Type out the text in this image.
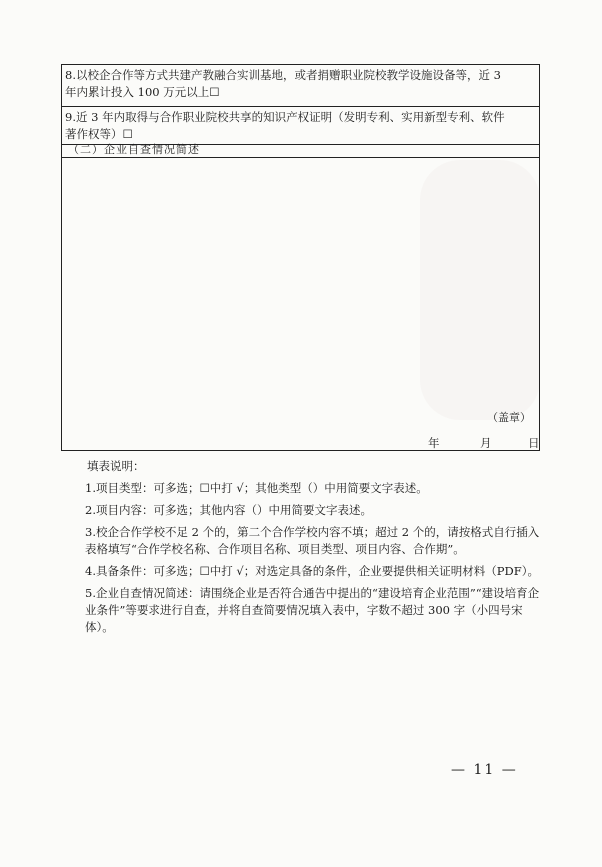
8.以校企合作等方式共建产教融合实训基地，或者捐赠职业院校教学设施设备等，近 3
年内累计投入 100 万元以上☐
9.近 3 年内取得与合作职业院校共享的知识产权证明（发明专利、实用新型专利、软件
著作权等）☐
（二）企业自查情况简述
（盖章）
年	月	日
填表说明：
1.项目类型：可多选；☐中打 √；其他类型（）中用简要文字表述。
2.项目内容：可多选；其他内容（）中用简要文字表述。
3.校企合作学校不足 2 个的，第二个合作学校内容不填；超过 2 个的，请按格式自行插入表格填写“合作学校名称、合作项目名称、项目类型、项目内容、合作期”。
4.具备条件：可多选；☐中打 √；对选定具备的条件，企业要提供相关证明材料（PDF）。
5.企业自查情况简述：请围绕企业是否符合通告中提出的“建设培育企业范围”“建设培育企业条件”等要求进行自查，并将自查简要情况填入表中，字数不超过 300 字（小四号宋体）。
— 11 —
